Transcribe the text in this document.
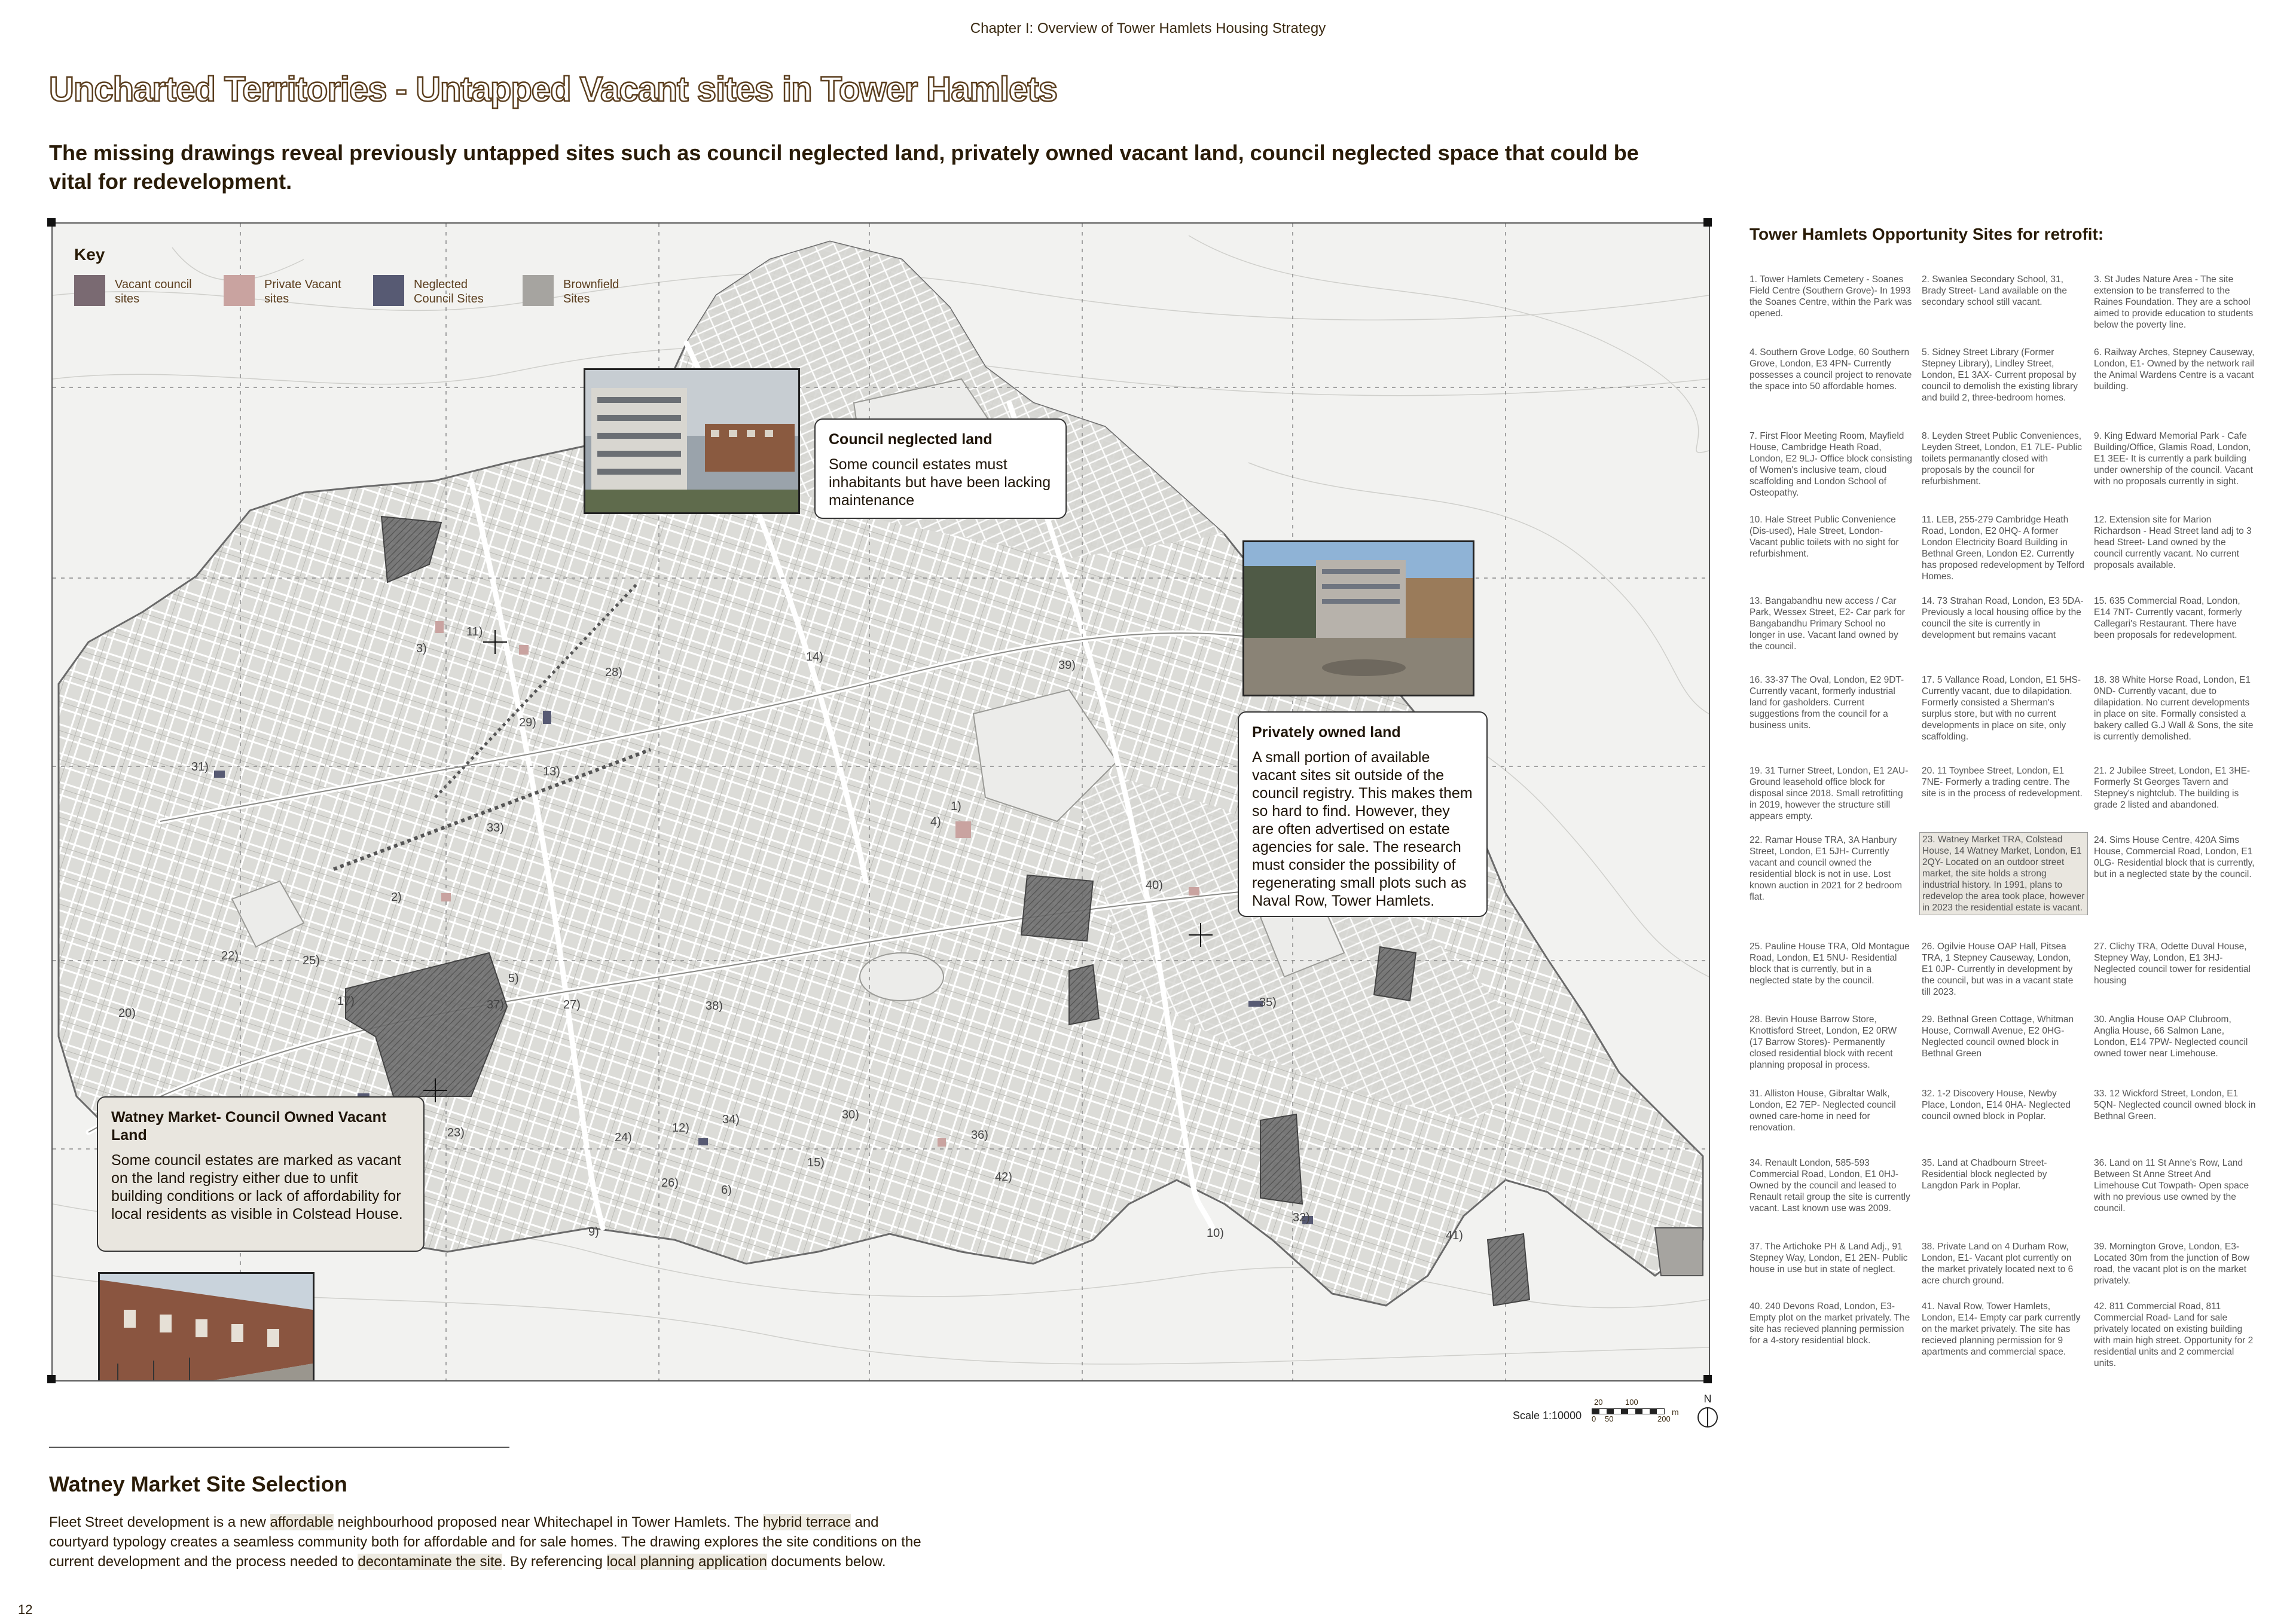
Chapter I: Overview of Tower Hamlets Housing Strategy
Uncharted Territories - Untapped Vacant sites in Tower Hamlets
The missing drawings reveal previously untapped sites such as council neglected land, privately owned vacant land, council neglected space that could be vital for redevelopment.
1)
2)
3)
4)
5)
6)
9)	10)
11)
12)
13)
14)
15)
17)
20)
22)
23)	24)
25)
26)
27)
28)
29)
30)
31)
32)
33)
34)
35)
36)
37)	38)
39)
40)
41)
42)
Key
Vacant council sites
Private Vacant sites
Neglected Council Sites
Brownfield Sites
Council neglected land

Some council estates must inhabitants but have been lacking maintenance

Privately owned land

A small portion of available vacant sites sit outside of the council registry. This makes them so hard to find. However, they are often advertised on estate agencies for sale. The research must consider the possibility of regenerating small plots such as Naval Row, Tower Hamlets.

Watney Market- Council Owned Vacant Land

Some council estates are marked as vacant on the land registry either due to unfit building conditions or lack of affordability for local residents as visible in Colstead House.

Scale 1:10000
20	100
0 50	200
m
N
Watney Market Site Selection
Fleet Street development is a new affordable neighbourhood proposed near Whitechapel in Tower Hamlets. The hybrid terrace and courtyard typology creates a seamless community both for affordable and for sale homes. The drawing explores the site conditions on the current development and the process needed to decontaminate the site. By referencing local planning application documents below.
12
Tower Hamlets Opportunity Sites for retrofit:
1. Tower Hamlets Cemetery - Soanes Field Centre (Southern Grove)- In 1993 the Soanes Centre, within the Park was opened.
2. Swanlea Secondary School, 31, Brady Street- Land available on the secondary school still vacant.
3. St Judes Nature Area - The site extension to be transferred to the Raines Foundation. They are a school aimed to provide education to students below the poverty line.
4. Southern Grove Lodge, 60 Southern Grove, London, E3 4PN- Currently possesses a council project to renovate the space into 50 affordable homes.
5. Sidney Street Library (Former Stepney Library), Lindley Street, London, E1 3AX- Current proposal by council to demolish the existing library and build 2, three-bedroom homes.
6. Railway Arches, Stepney Causeway, London, E1- Owned by the network rail the Animal Wardens Centre is a vacant building.
7. First Floor Meeting Room, Mayfield House, Cambridge Heath Road, London, E2 9LJ- Office block consisting of Women's inclusive team, cloud scaffolding and London School of Osteopathy.
8. Leyden Street Public Conveniences, Leyden Street, London, E1 7LE- Public toilets permanantly closed with proposals by the council for refurbishment.
9. King Edward Memorial Park - Cafe Building/Office, Glamis Road, London, E1 3EE- It is currently a park building under ownership of the council. Vacant with no proposals currently in sight.
10. Hale Street Public Convenience (Dis-used), Hale Street, London- Vacant public toilets with no sight for refurbishment.
11. LEB, 255-279 Cambridge Heath Road, London, E2 0HQ- A former London Electricity Board Building in Bethnal Green, London E2. Currently has proposed redevelopment by Telford Homes.
12. Extension site for Marion Richardson - Head Street land adj to 3 head Street- Land owned by the council currently vacant. No current proposals available.
13. Bangabandhu new access / Car Park, Wessex Street, E2- Car park for Bangabandhu Primary School no longer in use. Vacant land owned by the council.
14. 73 Strahan Road, London, E3 5DA- Previously a local housing office by the council the site is currently in development but remains vacant
15. 635 Commercial Road, London, E14 7NT- Currently vacant, formerly Callegari's Restaurant. There have been proposals for redevelopment.
16. 33-37 The Oval, London, E2 9DT- Currently vacant, formerly industrial land for gasholders. Current suggestions from the council for a business units.
17. 5 Vallance Road, London, E1 5HS- Currently vacant, due to dilapidation. Formerly consisted a Sherman's surplus store, but with no current developments in place on site, only scaffolding.
18. 38 White Horse Road, London, E1 0ND- Currently vacant, due to dilapidation. No current developments in place on site. Formally consisted a bakery called G.J Wall & Sons, the site is currently demolished.
19. 31 Turner Street, London, E1 2AU- Ground leasehold office block for disposal since 2018. Small retrofitting in 2019, however the structure still appears empty.
20. 11 Toynbee Street, London, E1 7NE- Formerly a trading centre. The site is in the process of redevelopment.
21. 2 Jubilee Street, London, E1 3HE- Formerly St Georges Tavern and Stepney's nightclub. The building is grade 2 listed and abandoned.
22. Ramar House TRA, 3A Hanbury Street, London, E1 5JH- Currently vacant and council owned the residential block is not in use. Lost known auction in 2021 for 2 bedroom flat.
23. Watney Market TRA, Colstead House, 14 Watney Market, London, E1 2QY- Located on an outdoor street market, the site holds a strong industrial history. In 1991, plans to redevelop the area took place, however in 2023 the residential estate is vacant.
24. Sims House Centre, 420A Sims House, Commercial Road, London, E1 0LG- Residential block that is currently, but in a neglected state by the council.
25. Pauline House TRA, Old Montague Road, London, E1 5NU- Residential block that is currently, but in a neglected state by the council.
26. Ogilvie House OAP Hall, Pitsea TRA, 1 Stepney Causeway, London, E1 0JP- Currently in development by the council, but was in a vacant state till 2023.
27. Clichy TRA, Odette Duval House, Stepney Way, London, E1 3HJ- Neglected council tower for residential housing
28. Bevin House Barrow Store, Knottisford Street, London, E2 0RW (17 Barrow Stores)- Permanently closed residential block with recent planning proposal in process.
29. Bethnal Green Cottage, Whitman House, Cornwall Avenue, E2 0HG- Neglected council owned block in Bethnal Green
30. Anglia House OAP Clubroom, Anglia House, 66 Salmon Lane, London, E14 7PW- Neglected council owned tower near Limehouse.
31. Alliston House, Gibraltar Walk, London, E2 7EP- Neglected council owned care-home in need for renovation.
32. 1-2 Discovery House, Newby Place, London, E14 0HA- Neglected council owned block in Poplar.
33. 12 Wickford Street, London, E1 5QN- Neglected council owned block in Bethnal Green.
34. Renault London, 585-593 Commercial Road, London, E1 0HJ- Owned by the council and leased to Renault retail group the site is currently vacant. Last known use was 2009.
35. Land at Chadbourn Street- Residential block neglected by Langdon Park in Poplar.
36. Land on 11 St Anne's Row, Land Between St Anne Street And Limehouse Cut Towpath- Open space with no previous use owned by the council.
37. The Artichoke PH & Land Adj., 91 Stepney Way, London, E1 2EN- Public house in use but in state of neglect.
38. Private Land on 4 Durham Row, London, E1- Vacant plot currently on the market privately located next to 6 acre church ground.
39. Mornington Grove, London, E3- Located 30m from the junction of Bow road, the vacant plot is on the market privately.
40. 240 Devons Road, London, E3- Empty plot on the market privately. The site has recieved planning permission for a 4-story residential block.
41. Naval Row, Tower Hamlets, London, E14- Empty car park currently on the market privately. The site has recieved planning permission for 9 apartments and commercial space.
42. 811 Commercial Road, 811 Commercial Road- Land for sale privately located on existing building with main high street. Opportunity for 2 residential units and 2 commercial units.
